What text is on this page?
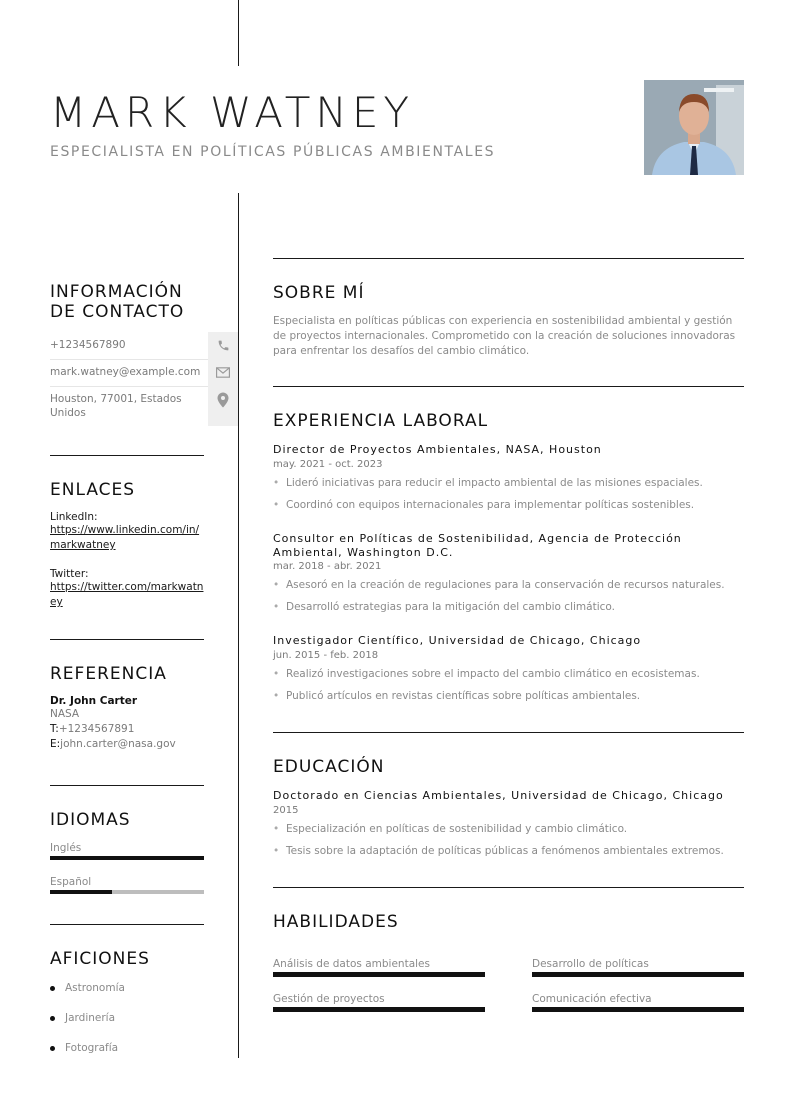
MARK WATNEY
ESPECIALISTA EN POLÍTICAS PÚBLICAS AMBIENTALES
INFORMACIÓN
DE CONTACTO
+1234567890
mark.watney@example.com
Houston, 77001, Estados Unidos
ENLACES
LinkedIn:
https://www.linkedin.com/in/markwatney
Twitter:
https://twitter.com/markwatney
REFERENCIA
Dr. John Carter
NASA
T:+1234567891
E:john.carter@nasa.gov
IDIOMAS
Inglés
Español
AFICIONES
Astronomía
Jardinería
Fotografía
SOBRE MÍ
Especialista en políticas públicas con experiencia en sostenibilidad ambiental y gestión de proyectos internacionales. Comprometido con la creación de soluciones innovadoras para enfrentar los desafíos del cambio climático.
EXPERIENCIA LABORAL
Director de Proyectos Ambientales, NASA, Houston
may. 2021 - oct. 2023
• Lideró iniciativas para reducir el impacto ambiental de las misiones espaciales.
• Coordinó con equipos internacionales para implementar políticas sostenibles.
Consultor en Políticas de Sostenibilidad, Agencia de Protección Ambiental, Washington D.C.
mar. 2018 - abr. 2021
• Asesoró en la creación de regulaciones para la conservación de recursos naturales.
• Desarrolló estrategias para la mitigación del cambio climático.
Investigador Científico, Universidad de Chicago, Chicago
jun. 2015 - feb. 2018
• Realizó investigaciones sobre el impacto del cambio climático en ecosistemas.
• Publicó artículos en revistas científicas sobre políticas ambientales.
EDUCACIÓN
Doctorado en Ciencias Ambientales, Universidad de Chicago, Chicago
2015
• Especialización en políticas de sostenibilidad y cambio climático.
• Tesis sobre la adaptación de políticas públicas a fenómenos ambientales extremos.
HABILIDADES
Análisis de datos ambientales	Desarrollo de políticas
Gestión de proyectos	Comunicación efectiva
